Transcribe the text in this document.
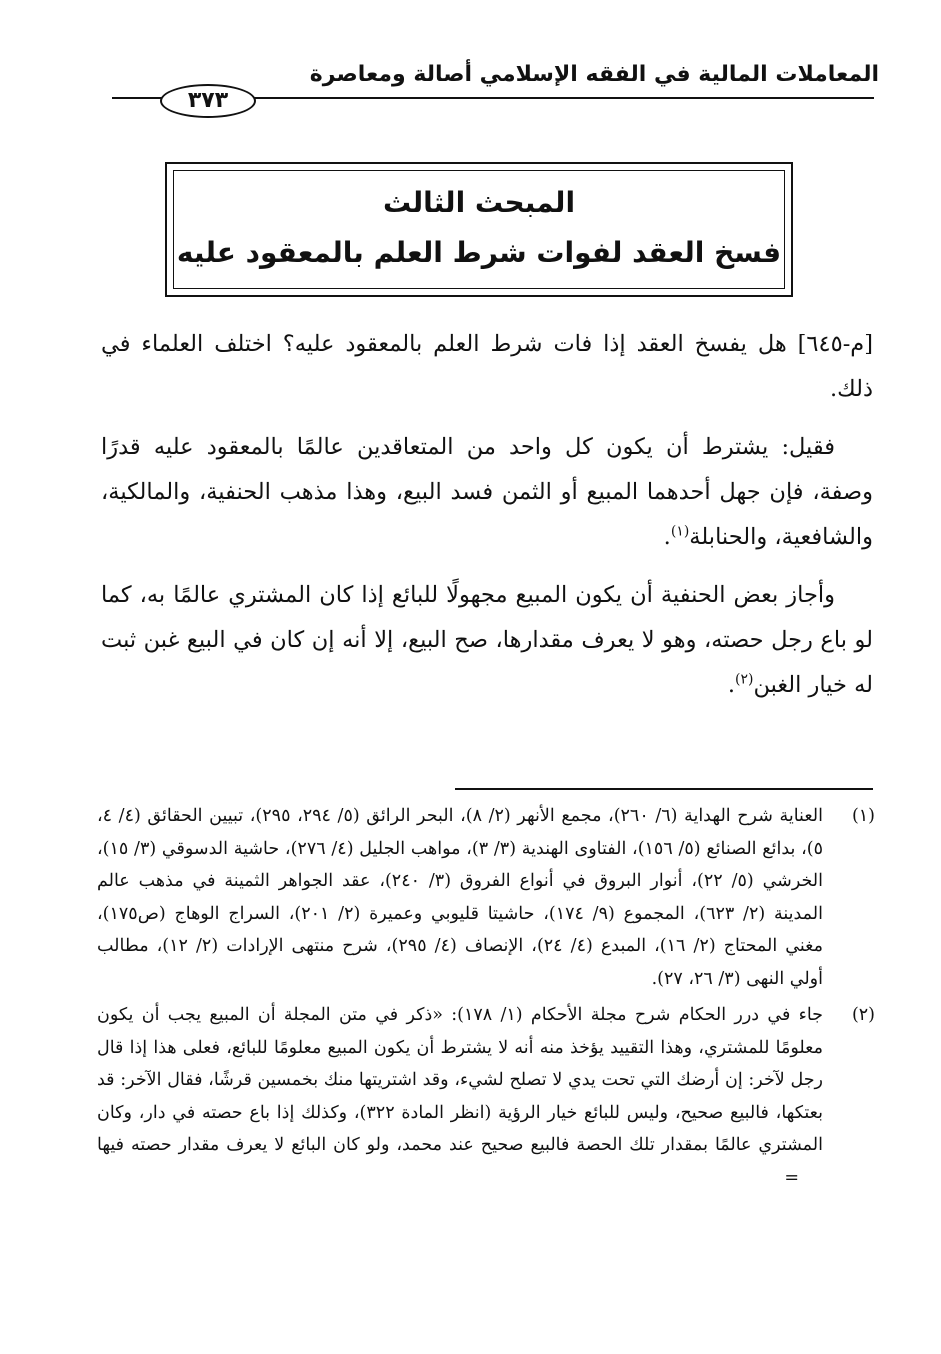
المعاملات المالية في الفقه الإسلامي أصالة ومعاصرة
٣٧٣
المبحث الثالث
فسخ العقد لفوات شرط العلم بالمعقود عليه

[م-٦٤٥] هل يفسخ العقد إذا فات شرط العلم بالمعقود عليه؟ اختلف العلماء في ذلك.

فقيل: يشترط أن يكون كل واحد من المتعاقدين عالمًا بالمعقود عليه قدرًا وصفة، فإن جهل أحدهما المبيع أو الثمن فسد البيع، وهذا مذهب الحنفية، والمالكية، والشافعية، والحنابلة$^{(١)}$.

وأجاز بعض الحنفية أن يكون المبيع مجهولًا للبائع إذا كان المشتري عالمًا به، كما لو باع رجل حصته، وهو لا يعرف مقدارها، صح البيع، إلا أنه إن كان في البيع غبن ثبت له خيار الغبن$^{(٢)}$.

(١)
العناية شرح الهداية (٦/ ٢٦٠)، مجمع الأنهر (٢/ ٨)، البحر الرائق (٥/ ٢٩٤، ٢٩٥)، تبيين الحقائق (٤/ ٤، ٥)، بدائع الصنائع (٥/ ١٥٦)، الفتاوى الهندية (٣/ ٣)، مواهب الجليل (٤/ ٢٧٦)، حاشية الدسوقي (٣/ ١٥)، الخرشي (٥/ ٢٢)، أنوار البروق في أنواع الفروق (٣/ ٢٤٠)، عقد الجواهر الثمينة في مذهب عالم المدينة (٢/ ٦٢٣)، المجموع (٩/ ١٧٤)، حاشيتا قليوبي وعميرة (٢/ ٢٠١)، السراج الوهاج (ص١٧٥)، مغني المحتاج (٢/ ١٦)، المبدع (٤/ ٢٤)، الإنصاف (٤/ ٢٩٥)، شرح منتهى الإرادات (٢/ ١٢)، مطالب أولي النهى (٣/ ٢٦، ٢٧).
(٢)
جاء في درر الحكام شرح مجلة الأحكام (١/ ١٧٨): «ذكر في متن المجلة أن المبيع يجب أن يكون معلومًا للمشتري، وهذا التقييد يؤخذ منه أنه لا يشترط أن يكون المبيع معلومًا للبائع، فعلى هذا إذا قال رجل لآخر: إن أرضك التي تحت يدي لا تصلح لشيء، وقد اشتريتها منك بخمسين قرشًا، فقال الآخر: قد بعتكها، فالبيع صحيح، وليس للبائع خيار الرؤية (انظر المادة ٣٢٢)، وكذلك إذا باع حصته في دار، وكان المشتري عالمًا بمقدار تلك الحصة فالبيع صحيح عند محمد، ولو كان البائع لا يعرف مقدار حصته فيها=
